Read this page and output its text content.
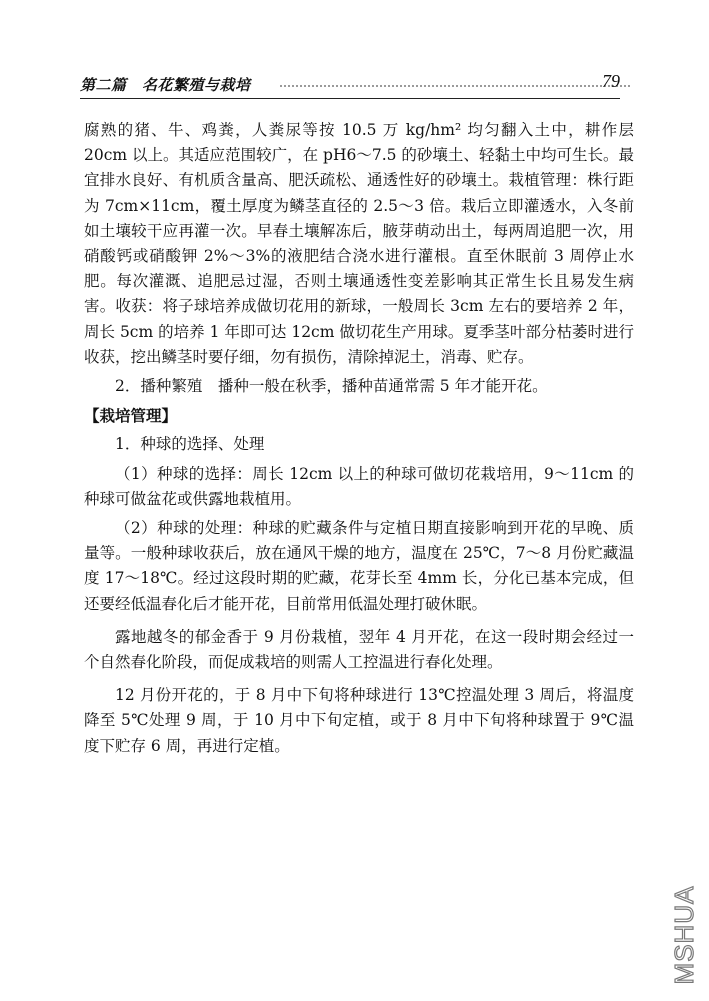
第二篇　名花繁殖与栽培	79

腐熟的猪、牛、鸡粪，人粪尿等按 10.5 万 kg/hm² 均匀翻入土中，耕作层 20cm 以上。其适应范围较广，在 pH6～7.5 的砂壤土、轻黏土中均可生长。最宜排水良好、有机质含量高、肥沃疏松、通透性好的砂壤土。栽植管理：株行距为 7cm×11cm，覆土厚度为鳞茎直径的 2.5～3 倍。栽后立即灌透水，入冬前如土壤较干应再灌一次。早春土壤解冻后，腋芽萌动出土，每两周追肥一次，用硝酸钙或硝酸钾 2%～3%的液肥结合浇水进行灌根。直至休眠前 3 周停止水肥。每次灌溉、追肥忌过湿，否则土壤通透性变差影响其正常生长且易发生病害。收获：将子球培养成做切花用的新球，一般周长 3cm 左右的要培养 2 年，周长 5cm 的培养 1 年即可达 12cm 做切花生产用球。夏季茎叶部分枯萎时进行收获，挖出鳞茎时要仔细，勿有损伤，清除掉泥土，消毒、贮存。

2．播种繁殖　播种一般在秋季，播种苗通常需 5 年才能开花。

【栽培管理】

1．种球的选择、处理

（1）种球的选择：周长 12cm 以上的种球可做切花栽培用，9～11cm 的种球可做盆花或供露地栽植用。

（2）种球的处理：种球的贮藏条件与定植日期直接影响到开花的早晚、质量等。一般种球收获后，放在通风干燥的地方，温度在 25℃，7～8 月份贮藏温度 17～18℃。经过这段时期的贮藏，花芽长至 4mm 长，分化已基本完成，但还要经低温春化后才能开花，目前常用低温处理打破休眠。

露地越冬的郁金香于 9 月份栽植，翌年 4 月开花，在这一段时期会经过一个自然春化阶段，而促成栽培的则需人工控温进行春化处理。

12 月份开花的，于 8 月中下旬将种球进行 13℃控温处理 3 周后，将温度降至 5℃处理 9 周，于 10 月中下旬定植，或于 8 月中下旬将种球置于 9℃温度下贮存 6 周，再进行定植。

MSHUA
